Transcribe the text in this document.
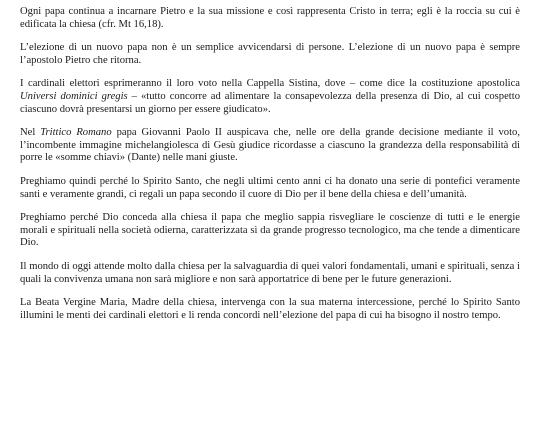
Ogni papa continua a incarnare Pietro e la sua missione e così rappresenta Cristo in terra; egli è la roccia su cui è edificata la chiesa (cfr. Mt 16,18).

L’elezione di un nuovo papa non è un semplice avvicendarsi di persone. L’elezione di un nuovo papa è sempre l’apostolo Pietro che ritorna.

I cardinali elettori esprimeranno il loro voto nella Cappella Sistina, dove – come dice la costituzione apostolica Universi dominici gregis – «tutto concorre ad alimentare la consapevolezza della presenza di Dio, al cui cospetto ciascuno dovrà presentarsi un giorno per essere giudicato».

Nel Trittico Romano papa Giovanni Paolo II auspicava che, nelle ore della grande decisione mediante il voto, l’incombente immagine michelangiolesca di Gesù giudice ricordasse a ciascuno la grandezza della responsabilità di porre le «somme chiavi» (Dante) nelle mani giuste.

Preghiamo quindi perché lo Spirito Santo, che negli ultimi cento anni ci ha donato una serie di pontefici veramente santi e veramente grandi, ci regali un papa secondo il cuore di Dio per il bene della chiesa e dell’umanità.

Preghiamo perché Dio conceda alla chiesa il papa che meglio sappia risvegliare le coscienze di tutti e le energie morali e spirituali nella società odierna, caratterizzata sì da grande progresso tecnologico, ma che tende a dimenticare Dio.

Il mondo di oggi attende molto dalla chiesa per la salvaguardia di quei valori fondamentali, umani e spirituali, senza i quali la convivenza umana non sarà migliore e non sarà apportatrice di bene per le future generazioni.

La Beata Vergine Maria, Madre della chiesa, intervenga con la sua materna intercessione, perché lo Spirito Santo illumini le menti dei cardinali elettori e li renda concordi nell’elezione del papa di cui ha bisogno il nostro tempo.
